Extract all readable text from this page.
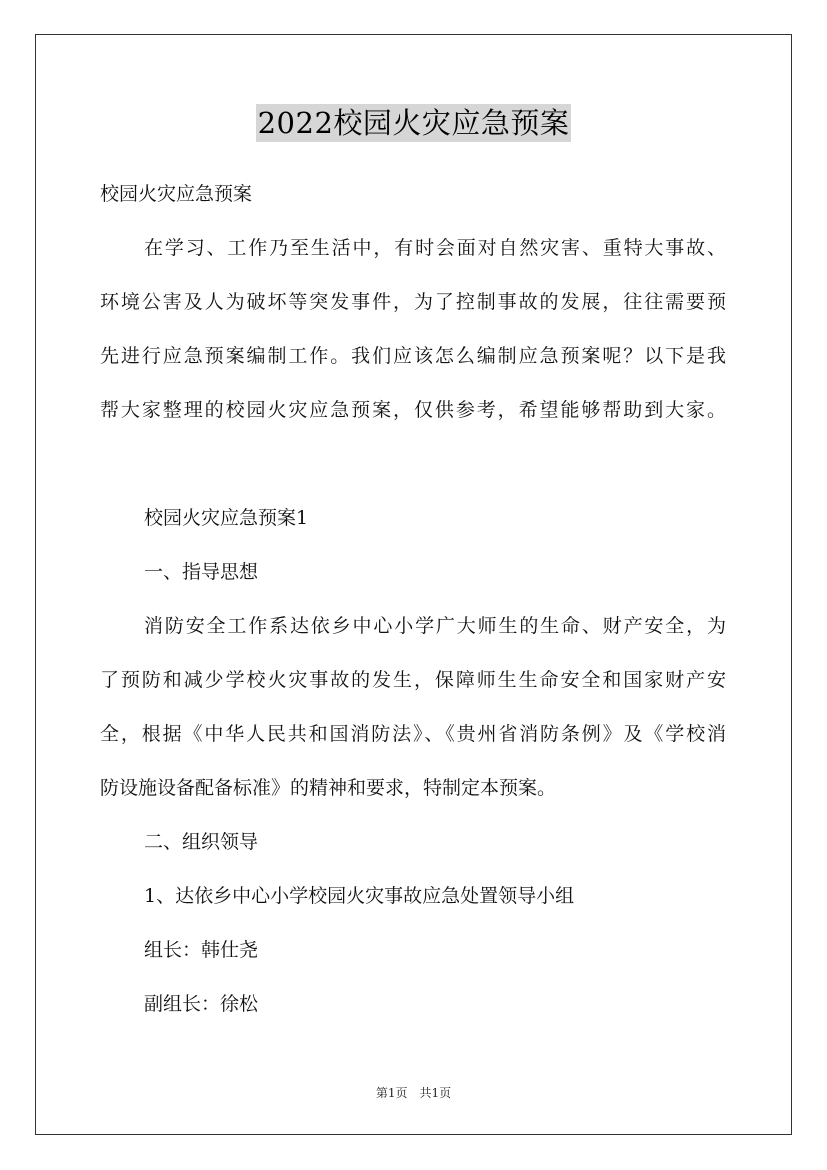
2022校园火灾应急预案
校园火灾应急预案
在学习、工作乃至生活中，有时会面对自然灾害、重特大事故、
环境公害及人为破坏等突发事件，为了控制事故的发展，往往需要预
先进行应急预案编制工作。我们应该怎么编制应急预案呢？以下是我
帮大家整理的校园火灾应急预案，仅供参考，希望能够帮助到大家。
校园火灾应急预案1
一、指导思想
消防安全工作系达依乡中心小学广大师生的生命、财产安全，为
了预防和减少学校火灾事故的发生，保障师生生命安全和国家财产安
全，根据《中华人民共和国消防法》、《贵州省消防条例》及《学校消
防设施设备配备标准》的精神和要求，特制定本预案。
二、组织领导
1、达依乡中心小学校园火灾事故应急处置领导小组
组长：韩仕尧
副组长：徐松
第1页　共1页
